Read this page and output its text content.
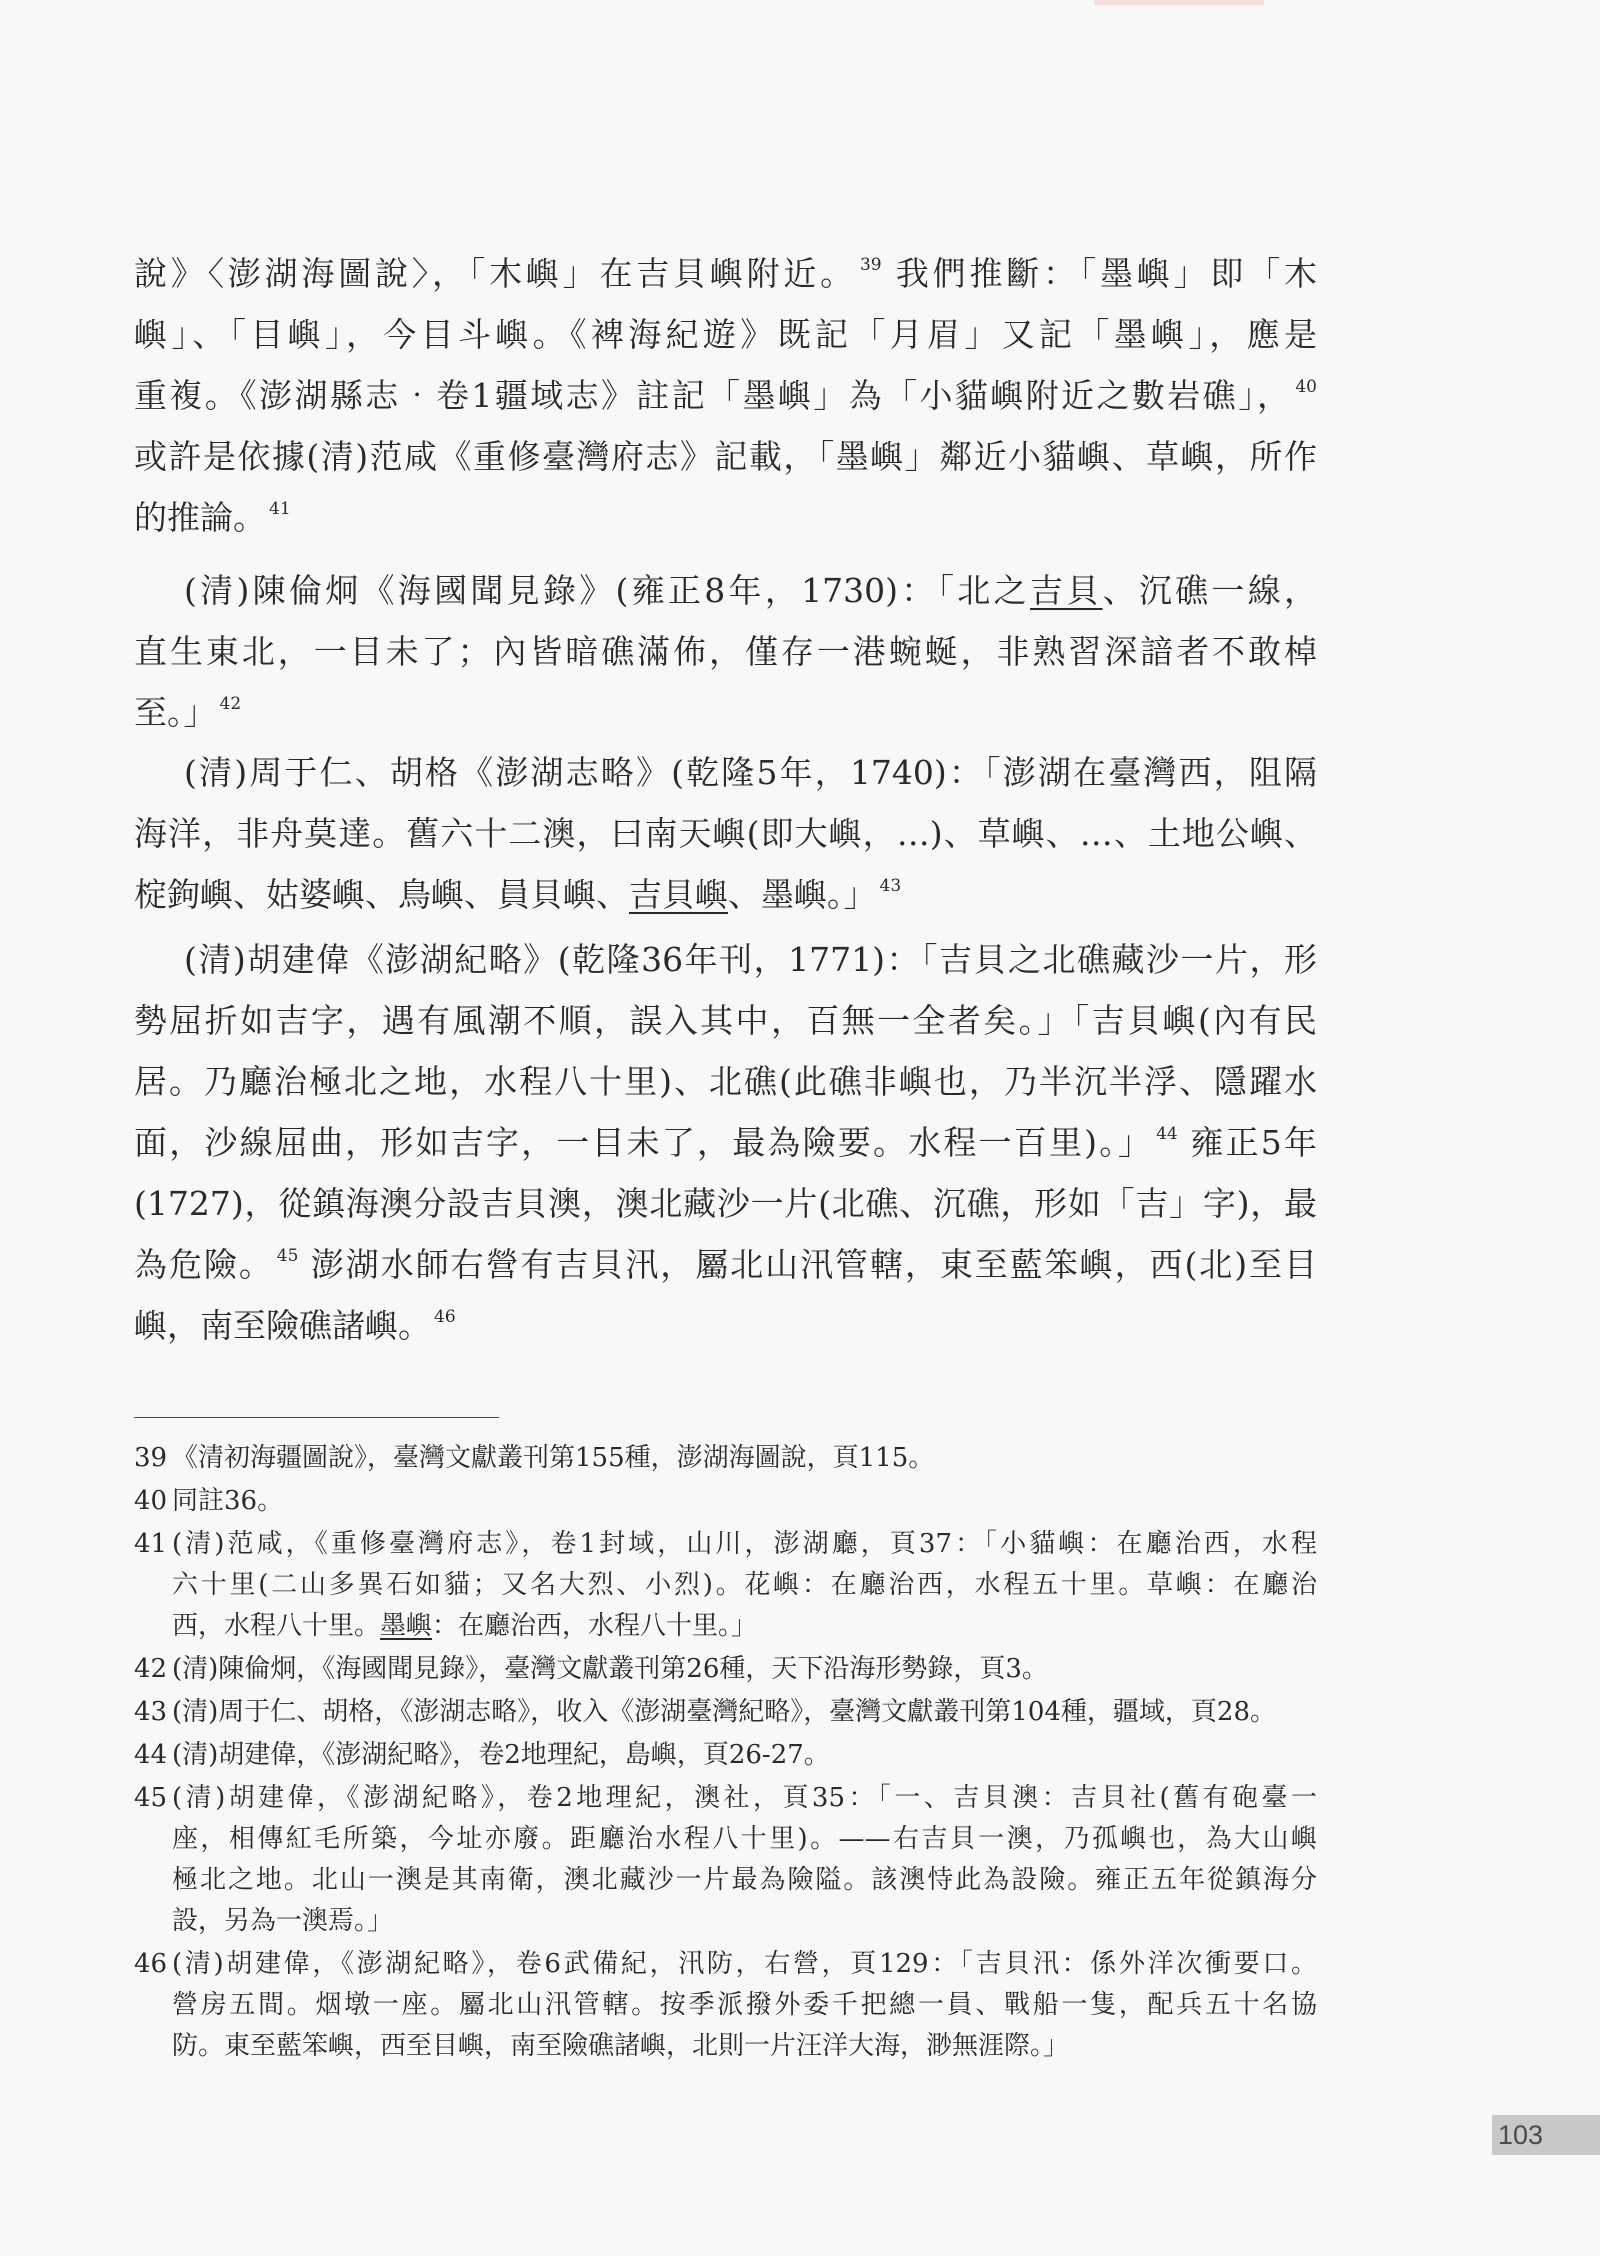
說》〈澎湖海圖說〉，「木嶼」在吉貝嶼附近。 $^{39}$ 我們推斷：「墨嶼」即「木
嶼」、「目嶼」，今目斗嶼。《裨海紀遊》既記「月眉」又記「墨嶼」，應是
重複。《澎湖縣志‧卷1疆域志》註記「墨嶼」為「小貓嶼附近之數岩礁」， $^{40}$
或許是依據(清)范咸《重修臺灣府志》記載，「墨嶼」鄰近小貓嶼、草嶼，所作
的推論。 $^{41}$
(清)陳倫炯《海國聞見錄》(雍正8年，1730)：「北之吉貝、沉礁一線，
直生東北，一目未了；內皆暗礁滿佈，僅存一港蜿蜒，非熟習深諳者不敢棹
至。」 $^{42}$
(清)周于仁、胡格《澎湖志略》(乾隆5年，1740)：「澎湖在臺灣西，阻隔
海洋，非舟莫達。舊六十二澳，曰南天嶼(即大嶼，…)、草嶼、…、土地公嶼、
椗鉤嶼、姑婆嶼、鳥嶼、員貝嶼、吉貝嶼、墨嶼。」 $^{43}$
(清)胡建偉《澎湖紀略》(乾隆36年刊，1771)：「吉貝之北礁藏沙一片，形
勢屈折如吉字，遇有風潮不順，誤入其中，百無一全者矣。」「吉貝嶼(內有民
居。乃廳治極北之地，水程八十里)、北礁(此礁非嶼也，乃半沉半浮、隱躍水
面，沙線屈曲，形如吉字，一目未了，最為險要。水程一百里)。」 $^{44}$ 雍正5年
(1727)，從鎮海澳分設吉貝澳，澳北藏沙一片(北礁、沉礁，形如「吉」字)，最
為危險。 $^{45}$ 澎湖水師右營有吉貝汛，屬北山汛管轄，東至藍笨嶼，西(北)至目
嶼，南至險礁諸嶼。 $^{46}$
39 《清初海疆圖說》，臺灣文獻叢刊第155種，澎湖海圖說，頁115。
40 同註36。
41 (清)范咸，《重修臺灣府志》，卷1封域，山川，澎湖廳，頁37：「小貓嶼：在廳治西，水程
六十里(二山多異石如貓；又名大烈、小烈)。花嶼：在廳治西，水程五十里。草嶼：在廳治
西，水程八十里。墨嶼：在廳治西，水程八十里。」
42 (清)陳倫炯，《海國聞見錄》，臺灣文獻叢刊第26種，天下沿海形勢錄，頁3。
43 (清)周于仁、胡格，《澎湖志略》，收入《澎湖臺灣紀略》，臺灣文獻叢刊第104種，疆域，頁28。
44 (清)胡建偉，《澎湖紀略》，卷2地理紀，島嶼，頁26-27。
45 (清)胡建偉，《澎湖紀略》，卷2地理紀，澳社，頁35：「一、吉貝澳：吉貝社(舊有砲臺一
座，相傳紅毛所築，今址亦廢。距廳治水程八十里)。——右吉貝一澳，乃孤嶼也，為大山嶼
極北之地。北山一澳是其南衛，澳北藏沙一片最為險隘。該澳恃此為設險。雍正五年從鎮海分
設，另為一澳焉。」
46 (清)胡建偉，《澎湖紀略》，卷6武備紀，汛防，右營，頁129：「吉貝汛：係外洋次衝要口。
營房五間。烟墩一座。屬北山汛管轄。按季派撥外委千把總一員、戰船一隻，配兵五十名協
防。東至藍笨嶼，西至目嶼，南至險礁諸嶼，北則一片汪洋大海，渺無涯際。」
103
